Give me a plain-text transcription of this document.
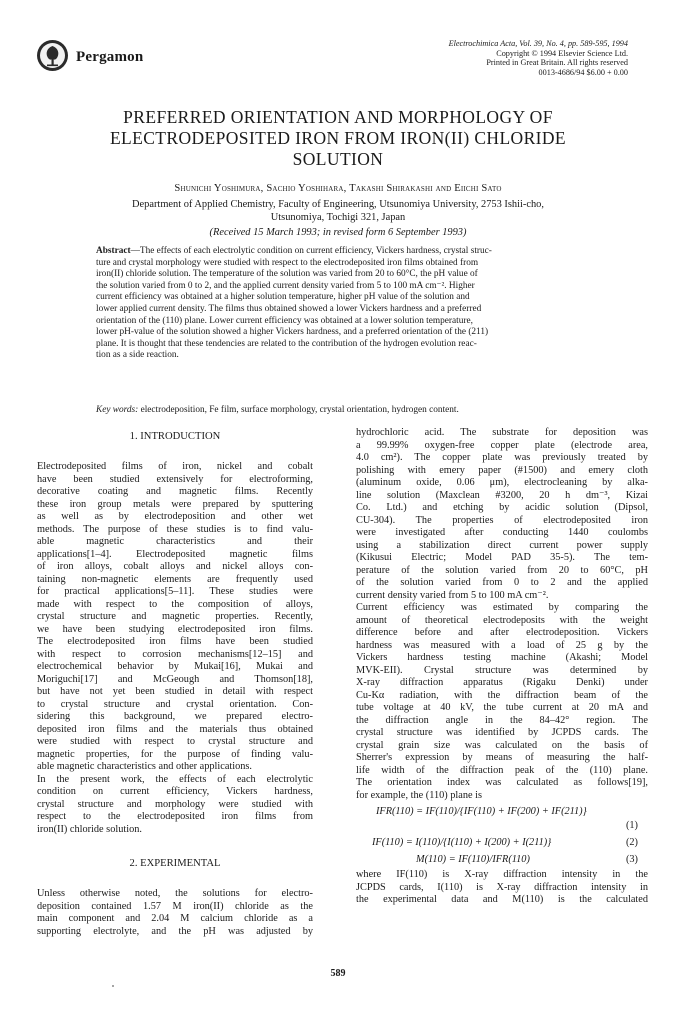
Pergamon
Electrochimica Acta, Vol. 39, No. 4, pp. 589-595, 1994
Copyright © 1994 Elsevier Science Ltd.
Printed in Great Britain. All rights reserved
0013-4686/94 $6.00 + 0.00
PREFERRED ORIENTATION AND MORPHOLOGY OF
ELECTRODEPOSITED IRON FROM IRON(II) CHLORIDE
SOLUTION
Shunichi Yoshimura, Sachio Yoshihara, Takashi Shirakashi and Eiichi Sato
Department of Applied Chemistry, Faculty of Engineering, Utsunomiya University, 2753 Ishii-cho,
Utsunomiya, Tochigi 321, Japan
(Received 15 March 1993; in revised form 6 September 1993)
Abstract—The effects of each electrolytic condition on current efficiency, Vickers hardness, crystal struc-
ture and crystal morphology were studied with respect to the electrodeposited iron films obtained from
iron(II) chloride solution. The temperature of the solution was varied from 20 to 60°C, the pH value of
the solution varied from 0 to 2, and the applied current density varied from 5 to 100 mA cm⁻². Higher
current efficiency was obtained at a higher solution temperature, higher pH value of the solution and
lower applied current density. The films thus obtained showed a lower Vickers hardness and a preferred
orientation of the (110) plane. Lower current efficiency was obtained at a lower solution temperature,
lower pH-value of the solution showed a higher Vickers hardness, and a preferred orientation of the (211)
plane. It is thought that these tendencies are related to the contribution of the hydrogen evolution reac-
tion as a side reaction.
Key words: electrodeposition, Fe film, surface morphology, crystal orientation, hydrogen content.
1. INTRODUCTION
Electrodeposited films of iron, nickel and cobalt
have been studied extensively for electroforming,
decorative coating and magnetic films. Recently
these iron group metals were prepared by sputtering
as well as by electrodeposition and other wet
methods. The purpose of these studies is to find valu-
able magnetic characteristics and their
applications[1–4]. Electrodeposited magnetic films
of iron alloys, cobalt alloys and nickel alloys con-
taining non-magnetic elements are frequently used
for practical applications[5–11]. These studies were
made with respect to the composition of alloys,
crystal structure and magnetic properties. Recently,
we have been studying electrodeposited iron films.
The electrodeposited iron films have been studied
with respect to corrosion mechanisms[12–15] and
electrochemical behavior by Mukai[16], Mukai and
Moriguchi[17] and McGeough and Thomson[18],
but have not yet been studied in detail with respect
to crystal structure and crystal orientation. Con-
sidering this background, we prepared electro-
deposited iron films and the materials thus obtained
were studied with respect to crystal structure and
magnetic properties, for the purpose of finding valu-
able magnetic characteristics and other applications.
In the present work, the effects of each electrolytic
condition on current efficiency, Vickers hardness,
crystal structure and morphology were studied with
respect to the electrodeposited iron films from
iron(II) chloride solution.
2. EXPERIMENTAL
Unless otherwise noted, the solutions for electro-
deposition contained 1.57 M iron(II) chloride as the
main component and 2.04 M calcium chloride as a
supporting electrolyte, and the pH was adjusted by
hydrochloric acid. The substrate for deposition was
a 99.99% oxygen-free copper plate (electrode area,
4.0 cm²). The copper plate was previously treated by
polishing with emery paper (#1500) and emery cloth
(aluminum oxide, 0.06 μm), electrocleaning by alka-
line solution (Maxclean #3200, 20 h dm⁻³, Kizai
Co. Ltd.) and etching by acidic solution (Dipsol,
CU-304). The properties of electrodeposited iron
were investigated after conducting 1440 coulombs
using a stabilization direct current power supply
(Kikusui Electric; Model PAD 35-5). The tem-
perature of the solution varied from 20 to 60°C, pH
of the solution varied from 0 to 2 and the applied
current density varied from 5 to 100 mA cm⁻².
Current efficiency was estimated by comparing the
amount of theoretical electrodeposits with the weight
difference before and after electrodeposition. Vickers
hardness was measured with a load of 25 g by the
Vickers hardness testing machine (Akashi; Model
MVK-EII). Crystal structure was determined by
X-ray diffraction apparatus (Rigaku Denki) under
Cu-Kα radiation, with the diffraction beam of the
tube voltage at 40 kV, the tube current at 20 mA and
the diffraction angle in the 84–42° region. The
crystal structure was identified by JCPDS cards. The
crystal grain size was calculated on the basis of
Sherrer's expression by means of measuring the half-
life width of the diffraction peak of the (110) plane.
The orientation index was calculated as follows[19],
for example, the (110) plane is
IFR(110) = IF(110)/{IF(110) + IF(200) + IF(211)}
(1)
IF(110) = I(110)/{I(110) + I(200) + I(211)}	(2)
M(110) = IF(110)/IFR(110)	(3)
where IF(110) is X-ray diffraction intensity in the
JCPDS cards, I(110) is X-ray diffraction intensity in
the experimental data and M(110) is the calculated
589
